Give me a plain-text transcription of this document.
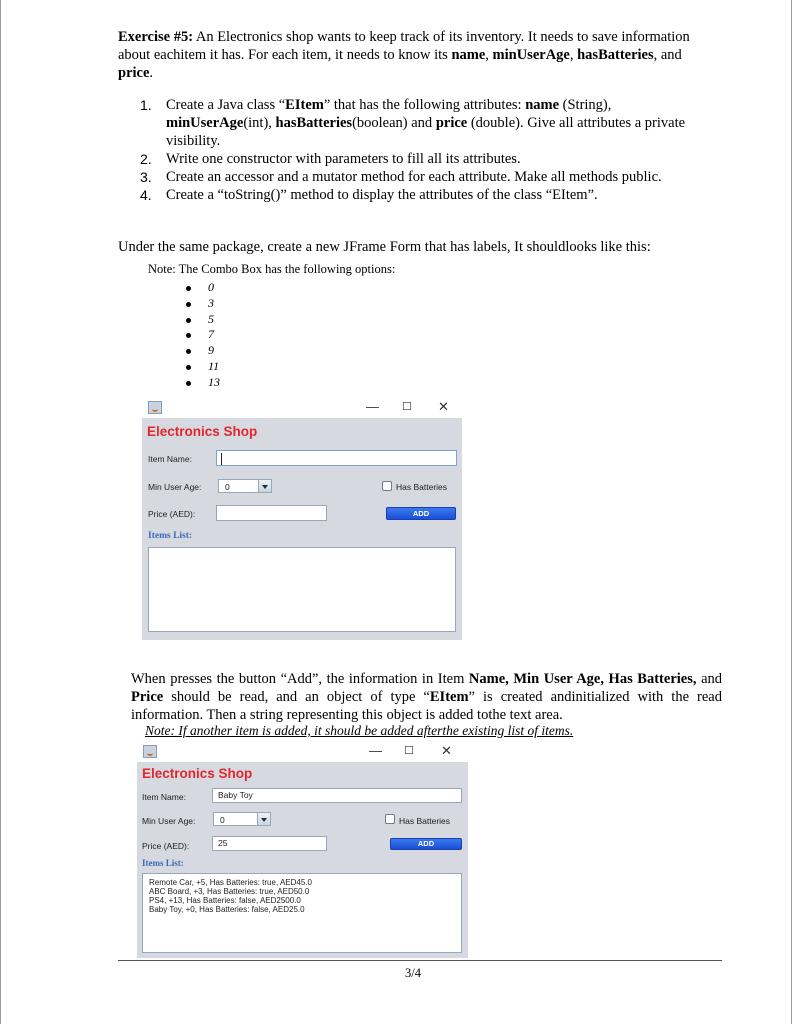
Exercise #5: An Electronics shop wants to keep track of its inventory. It needs to save information about eachitem it has. For each item, it needs to know its name, minUserAge, hasBatteries, and price.

1. Create a Java class “EItem” that has the following attributes: name (String), minUserAge(int), hasBatteries(boolean) and price (double). Give all attributes a private visibility.
2. Write one constructor with parameters to fill all its attributes.
3. Create an accessor and a mutator method for each attribute. Make all methods public.
4. Create a “toString()” method to display the attributes of the class “EItem”.

Under the same package, create a new JFrame Form that has labels, It shouldlooks like this:

Note: The Combo Box has the following options:
0
3
5
7
9
11
13
— ☐ ✕
Electronics Shop
Item Name:
Min User Age:	0	Has Batteries
Price (AED):	ADD
Items List:

When presses the button “Add”, the information in Item Name, Min User Age, Has Batteries, and Price should be read, and an object of type “EItem” is created andinitialized with the read information. Then a string representing this object is added tothe text area.

Note: If another item is added, it should be added afterthe existing list of items.
— ☐ ✕
Electronics Shop
Item Name:	Baby Toy
Min User Age:	0	Has Batteries
Price (AED):	25	ADD
Items List:
Remote Car, +5, Has Batteries: true, AED45.0
ABC Board, +3, Has Batteries: true, AED50.0
PS4, +13, Has Batteries: false, AED2500.0
Baby Toy, +0, Has Batteries: false, AED25.0
3/4
